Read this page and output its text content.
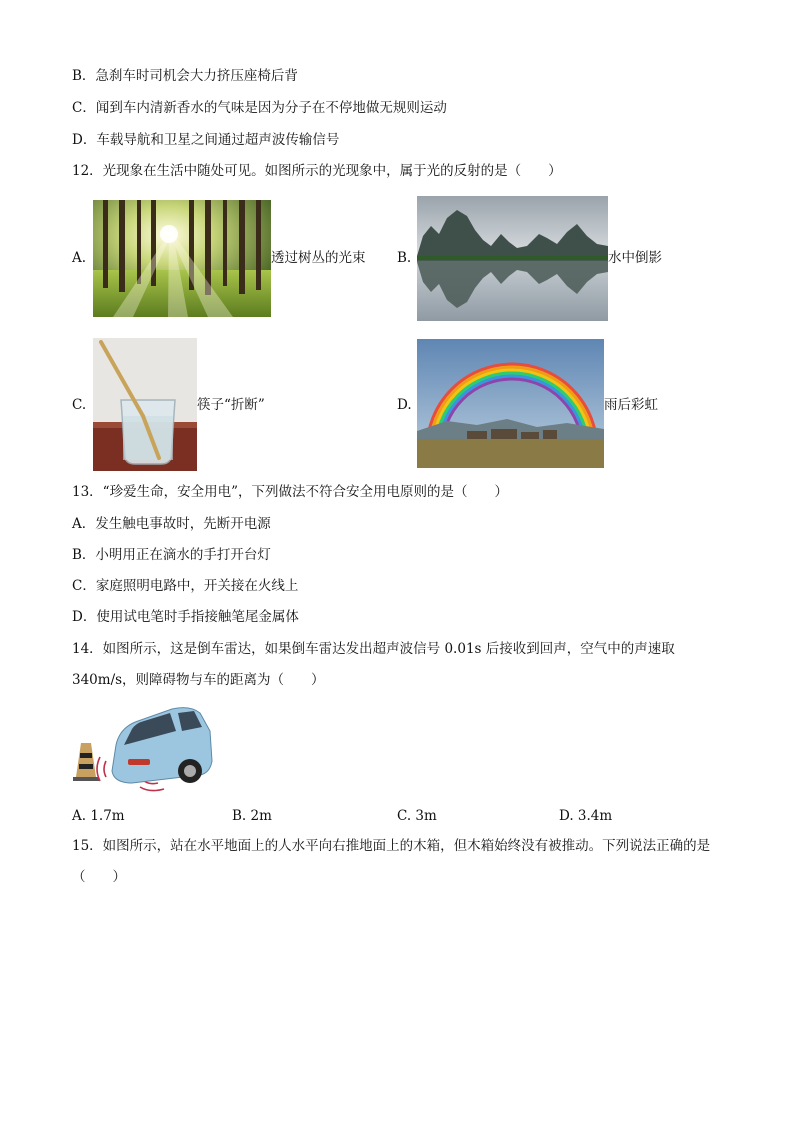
B．急刹车时司机会大力挤压座椅后背
C．闻到车内清新香水的气味是因为分子在不停地做无规则运动
D．车载导航和卫星之间通过超声波传输信号
12．光现象在生活中随处可见。如图所示的光现象中，属于光的反射的是（　　）
A.	透过树丛的光束 B.	水中倒影
C.	筷子“折断”	D.	雨后彩虹
13．“珍爱生命，安全用电”，下列做法不符合安全用电原则的是（　　）
A．发生触电事故时，先断开电源
B．小明用正在滴水的手打开台灯
C．家庭照明电路中，开关接在火线上
D．使用试电笔时手指接触笔尾金属体
14．如图所示，这是倒车雷达，如果倒车雷达发出超声波信号 0.01s 后接收到回声，空气中的声速取 340m/s，则障碍物与车的距离为（　　）
A. 1.7m	B. 2m	C. 3m	D. 3.4m
15．如图所示，站在水平地面上的人水平向右推地面上的木箱，但木箱始终没有被推动。下列说法正确的是（　　）
